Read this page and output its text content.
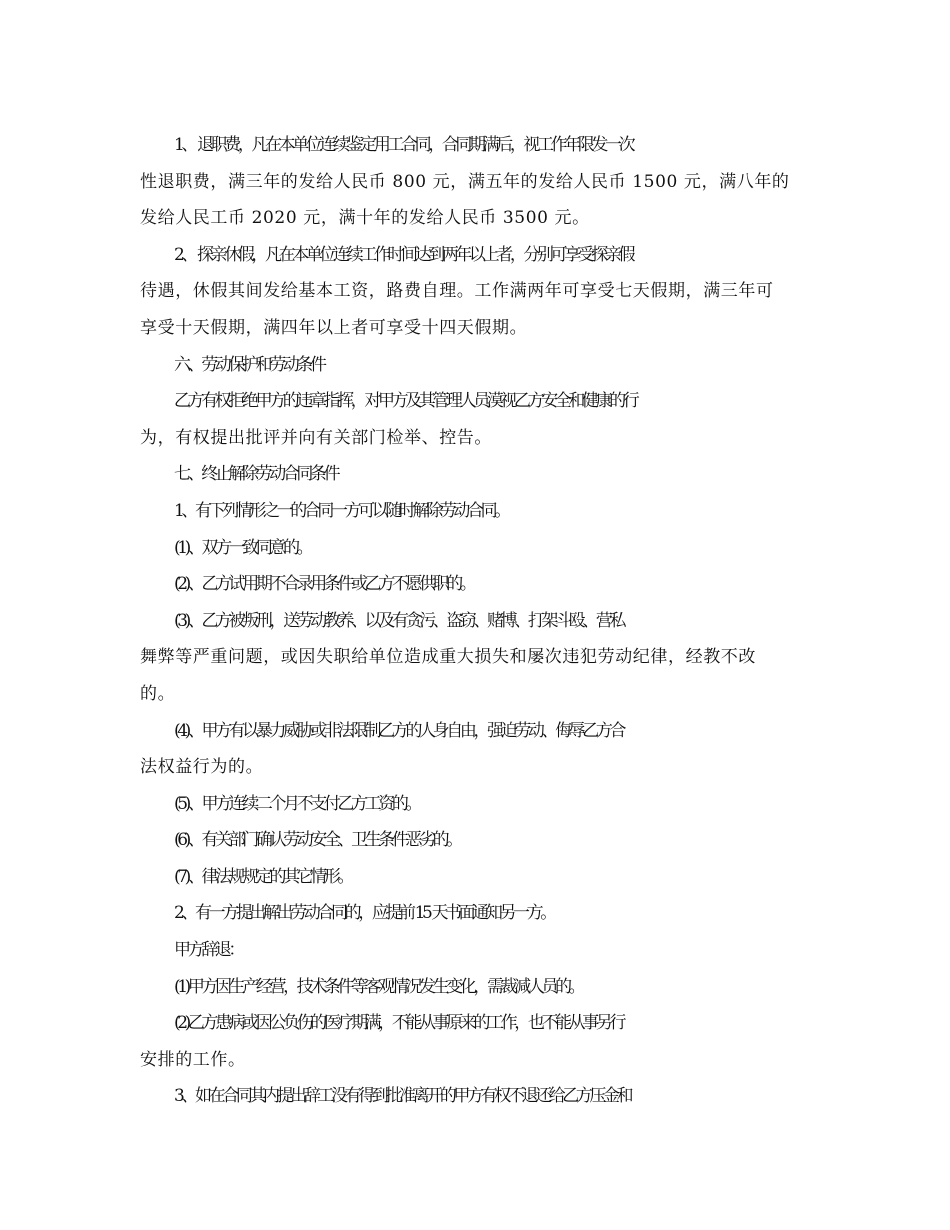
1、 退职费，凡在本单位连续鉴定用工合同，合同期满后，视工作年限发一次
性退职费，满三年的发给人民币 800 元，满五年的发给人民币 1500 元，满八年的
发给人民工币 2020 元，满十年的发给人民币 3500 元。

2、 探亲休假，凡在本单位连续工作时间达到两年以上者，分别可享受探亲假
待遇，休假其间发给基本工资，路费自理。工作满两年可享受七天假期，满三年可
享受十天假期，满四年以上者可享受十四天假期。

六、劳动保护和劳动条件

乙方有权拒绝甲方的违章指挥，对甲方及其管理人员漠视乙方安全和健康的行
为，有权提出批评并向有关部门检举、控告。

七、终止解除劳动合同条件

1、有下列情形之一的合同一方可以随时解除劳动合同。

(1)、双方一致同意的。

(2)、乙方试用期不合录用条件或乙方不愿供职的。

(3)、乙方被叛刑，送劳动教养、以及有贪污、盗窃、赌博、打架斗殴、营私
舞弊等严重问题，或因失职给单位造成重大损失和屡次违犯劳动纪律，经教不改
的。

(4)、甲方有以暴力威胁或非法限制乙方的人身自由，强迫劳动、侮辱乙方合
法权益行为的。

(5)、甲方连续二个月不支付乙方工资的。

(6)、有关部门确认劳动安全、卫生条件恶劣的。

(7)、律法规规定的其它情形。

2、有一方提出解出劳动合同的，应提前 15 天书面通知另一方。

甲方辞退：

(1)甲方因生产经营，技术条件等客观情况发生变化，需裁减人员的。

(2)乙方患病或因公负伤的医疗期满，不能从事原来的工作，也不能从事另行
安排的工作。

3、如在合同其内提出辞工没有得到批准离开的甲方有权不退还给乙方压金和
